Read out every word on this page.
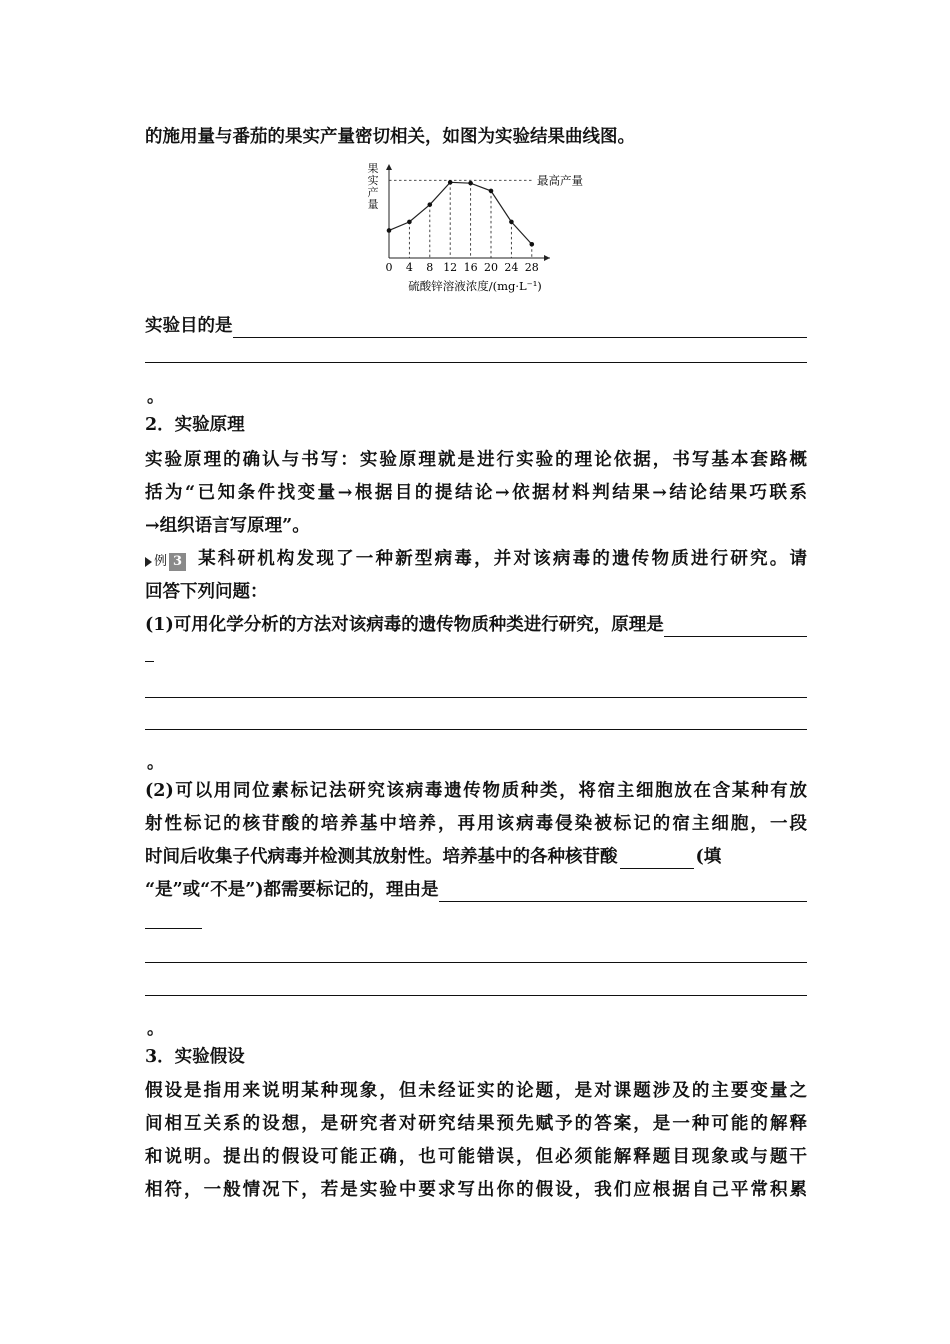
的施用量与番茄的果实产量密切相关，如图为实验结果曲线图。
果实产量
最高产量
0 4 8 12 16 20 24 28
硫酸锌溶液浓度/(mg·L⁻¹)
实验目的是
。
2．实验原理
实验原理的确认与书写：实验原理就是进行实验的理论依据，书写基本套路概
括为“已知条件找变量→根据目的提结论→依据材料判结果→结论结果巧联系
→组织语言写原理”。
例 3 某科研机构发现了一种新型病毒，并对该病毒的遗传物质进行研究。请
回答下列问题：
(1)可用化学分析的方法对该病毒的遗传物质种类进行研究，原理是
。
(2)可以用同位素标记法研究该病毒遗传物质种类，将宿主细胞放在含某种有放
射性标记的核苷酸的培养基中培养，再用该病毒侵染被标记的宿主细胞，一段
时间后收集子代病毒并检测其放射性。培养基中的各种核苷酸	(填
“是”或“不是”)都需要标记的，理由是
。
3．实验假设
假设是指用来说明某种现象，但未经证实的论题，是对课题涉及的主要变量之
间相互关系的设想，是研究者对研究结果预先赋予的答案，是一种可能的解释
和说明。提出的假设可能正确，也可能错误，但必须能解释题目现象或与题干
相符，一般情况下，若是实验中要求写出你的假设，我们应根据自己平常积累
